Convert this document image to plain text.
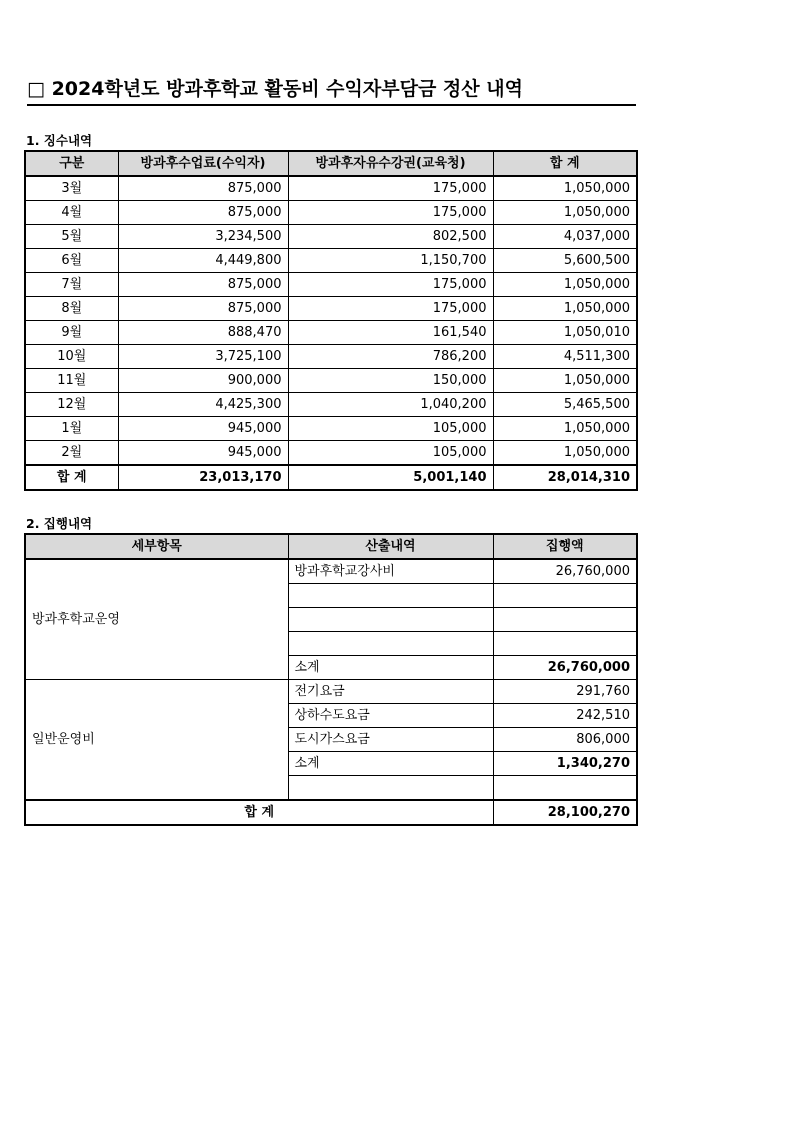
□ 2024학년도 방과후학교 활동비 수익자부담금 정산 내역
1. 징수내역
구분	방과후수업료(수익자)	방과후자유수강권(교육청)	합 계
3월	875,000	175,000	1,050,000
4월	875,000	175,000	1,050,000
5월	3,234,500	802,500	4,037,000
6월	4,449,800	1,150,700	5,600,500
7월	875,000	175,000	1,050,000
8월	875,000	175,000	1,050,000
9월	888,470	161,540	1,050,010
10월	3,725,100	786,200	4,511,300
11월	900,000	150,000	1,050,000
12월	4,425,300	1,040,200	5,465,500
1월	945,000	105,000	1,050,000
2월	945,000	105,000	1,050,000
합 계	23,013,170	5,001,140	28,014,310
2. 집행내역
세부항목	산출내역	집행액
방과후학교운영	방과후학교강사비	26,760,000

	소계	26,760,000
일반운영비	전기요금	291,760
	상하수도요금	242,510
	도시가스요금	806,000
	소계	1,340,270

합 계		28,100,270
